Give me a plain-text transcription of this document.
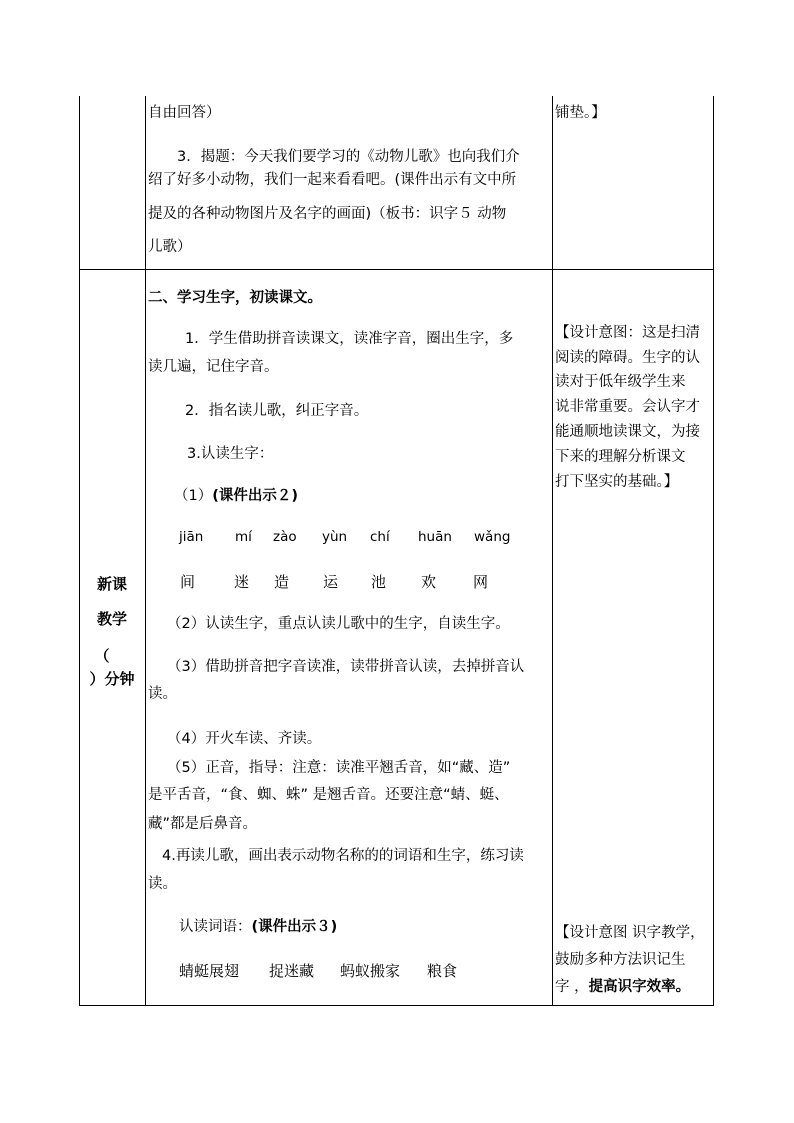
自由回答）
3．揭题：今天我们要学习的《动物儿歌》也向我们介
绍了好多小动物，我们一起来看看吧。(课件出示有文中所
提及的各种动物图片及名字的画面)（板书：识字５ 动物
儿歌）
铺垫。】
新课
教学
（
）分钟
二、学习生字，初读课文。
1．学生借助拼音读课文，读准字音，圈出生字，多
读几遍，记住字音。
2．指名读儿歌，纠正字音。
3.认读生字：
（1）(课件出示２)
jiān mí zào yùn chí huān wǎng
间	迷 造 运 池 欢 网
（2）认读生字，重点认读儿歌中的生字，自读生字。
（3）借助拼音把字音读准，读带拼音认读，去掉拼音认
读。
（4）开火车读、齐读。
（5）正音，指导：注意：读准平翘舌音，如“藏、造”
是平舌音，“食、蜘、蛛” 是翘舌音。还要注意“蜻、蜓、
藏”都是后鼻音。
4.再读儿歌，画出表示动物名称的的词语和生字，练习读
读。
认读词语：(课件出示３)
蜻蜓展翅 捉迷藏 蚂蚁搬家 粮食
【设计意图：这是扫清
阅读的障碍。生字的认
读对于低年级学生来
说非常重要。会认字才
能通顺地读课文，为接
下来的理解分析课文
打下坚实的基础。】
【设计意图 识字教学，
鼓励多种方法识记生
字 ，提高识字效率。
